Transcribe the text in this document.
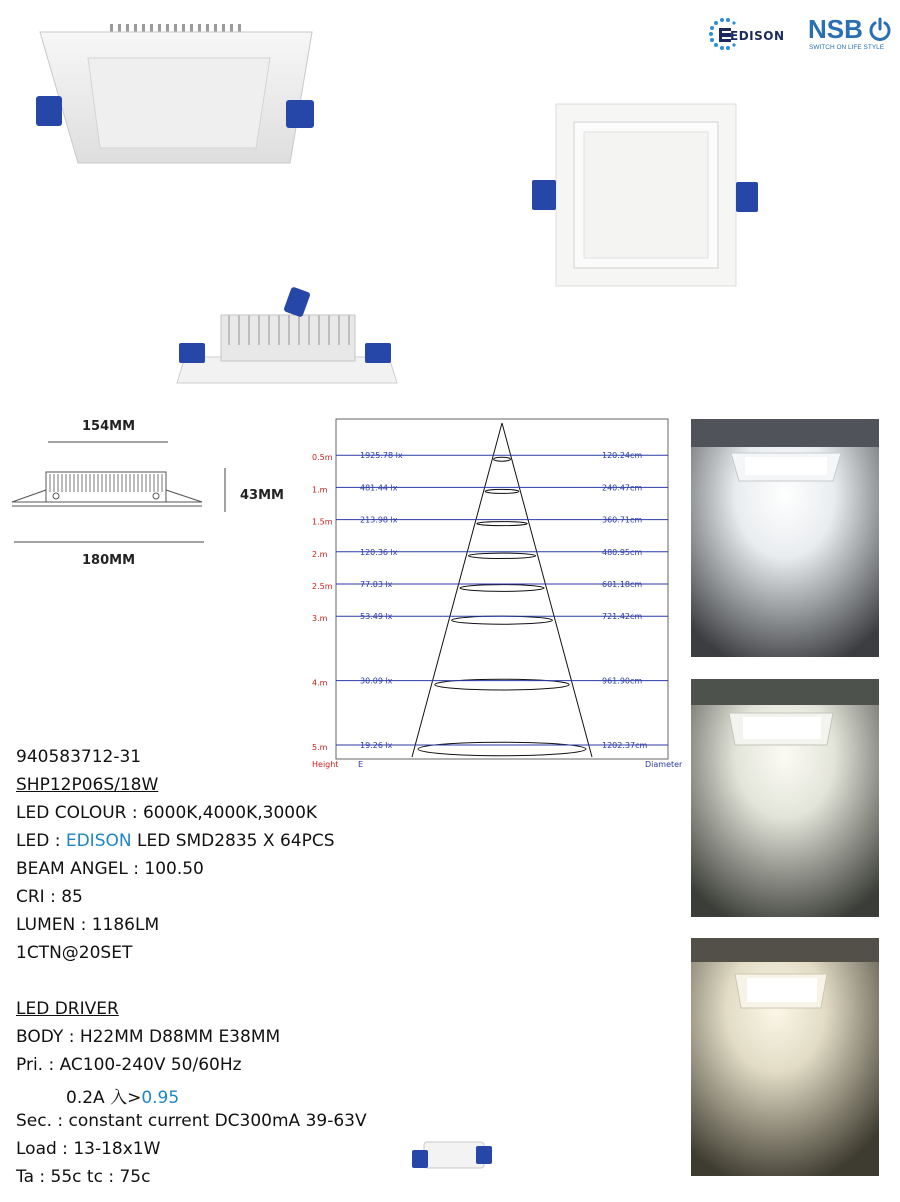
EDISON NSB
SWITCH ON LIFE STYLE
154MM
43MM
180MM
0.5m	1925.78 lx	120.24cm
1.m	481.44 lx	240.47cm
1.5m	213.98 lx	360.71cm
2.m	120.36 lx	480.95cm
2.5m	77.03 lx	601.18cm
3.m	53.49 lx	721.42cm
4.m	30.09 lx	961.90cm
5.m	19.26 lx	1202.37cm
Height E	Diameter
940583712-31
SHP12P06S/18W
LED COLOUR : 6000K,4000K,3000K
LED : EDISON LED SMD2835 X 64PCS
BEAM ANGEL : 100.50
CRI : 85
LUMEN : 1186LM
1CTN@20SET
LED DRIVER
BODY : H22MM D88MM E38MM
Pri. : AC100-240V 50/60Hz
0.2A 入>0.95
Sec. : constant current DC300mA 39-63V
Load : 13-18x1W
Ta : 55c tc : 75c
